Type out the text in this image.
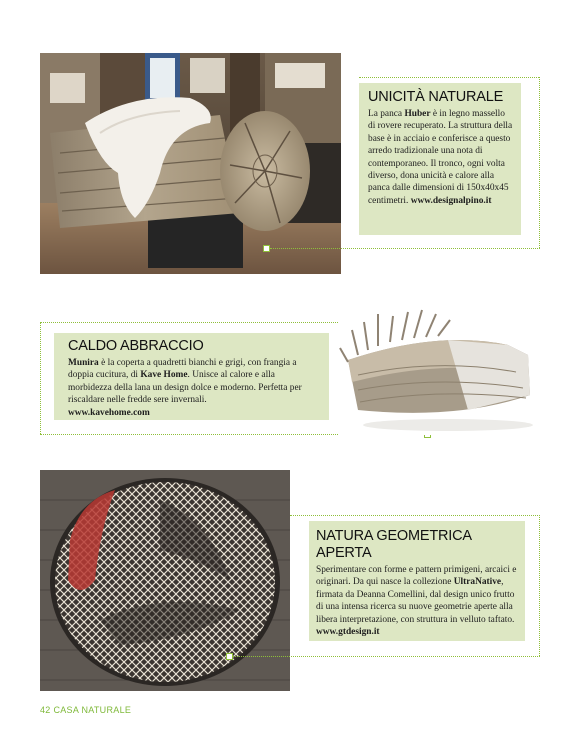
UNICITÀ NATURALE

La panca Huber è in legno massello di rovere recuperato. La struttura della base è in acciaio e conferisce a questo arredo tradizionale una nota di contemporaneo. Il tronco, ogni volta diverso, dona unicità e calore alla panca dalle dimensioni di 150x40x45 centimetri. www.designalpino.it

CALDO ABBRACCIO

Munira è la coperta a quadretti bianchi e grigi, con frangia a doppia cucitura, di Kave Home. Unisce al calore e alla morbidezza della lana un design dolce e moderno. Perfetta per riscaldare nelle fredde sere invernali.
www.kavehome.com

NATURA GEOMETRICA APERTA

Sperimentare con forme e pattern primigeni, arcaici e originari. Da qui nasce la collezione UltraNative, firmata da Deanna Comellini, dal design unico frutto di una intensa ricerca su nuove geometrie aperte alla libera interpretazione, con struttura in velluto taftato. www.gtdesign.it

42 CASA NATURALE
